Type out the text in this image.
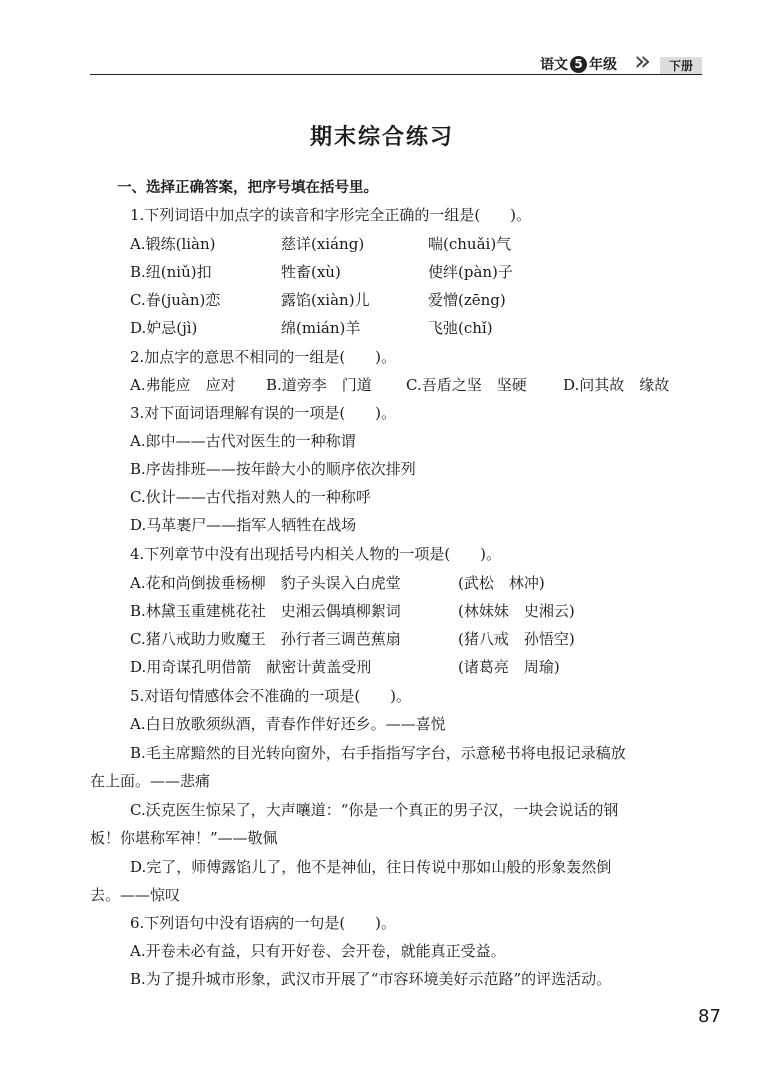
语文 5 年级 »	下册
期末综合练习
一、选择正确答案，把序号填在括号里。
1.下列词语中加点字的读音和字形完全正确的一组是(　　)。
A.锻练(liàn)	慈详(xiáng)	喘(chuǎi)气
B.纽(niǔ)扣	牲畜(xù)	使绊(pàn)子
C.眷(juàn)恋	露馅(xiàn)儿	爱憎(zēng)
D.妒忌(jì)	绵(mián)羊	飞弛(chǐ)
2.加点字的意思不相同的一组是(　　)。
A.弗能应　应对 B.道旁李　门道 C.吾盾之坚　坚硬 D.问其故　缘故
3.对下面词语理解有误的一项是(　　)。
A.郎中——古代对医生的一种称谓
B.序齿排班——按年龄大小的顺序依次排列
C.伙计——古代指对熟人的一种称呼
D.马革裹尸——指军人牺牲在战场
4.下列章节中没有出现括号内相关人物的一项是(　　)。
A.花和尚倒拔垂杨柳　豹子头误入白虎堂	(武松　林冲)
B.林黛玉重建桃花社　史湘云偶填柳絮词	(林妹妹　史湘云)
C.猪八戒助力败魔王　孙行者三调芭蕉扇	(猪八戒　孙悟空)
D.用奇谋孔明借箭　献密计黄盖受刑	(诸葛亮　周瑜)
5.对语句情感体会不准确的一项是(　　)。
A.白日放歌须纵酒，青春作伴好还乡。——喜悦
B.毛主席黯然的目光转向窗外，右手指指写字台，示意秘书将电报记录稿放
在上面。——悲痛
C.沃克医生惊呆了，大声嚷道：“你是一个真正的男子汉，一块会说话的钢
板！你堪称军神！”——敬佩
D.完了，师傅露馅儿了，他不是神仙，往日传说中那如山般的形象轰然倒
去。——惊叹
6.下列语句中没有语病的一句是(　　)。
A.开卷未必有益，只有开好卷、会开卷，就能真正受益。
B.为了提升城市形象，武汉市开展了“市容环境美好示范路”的评选活动。
87
